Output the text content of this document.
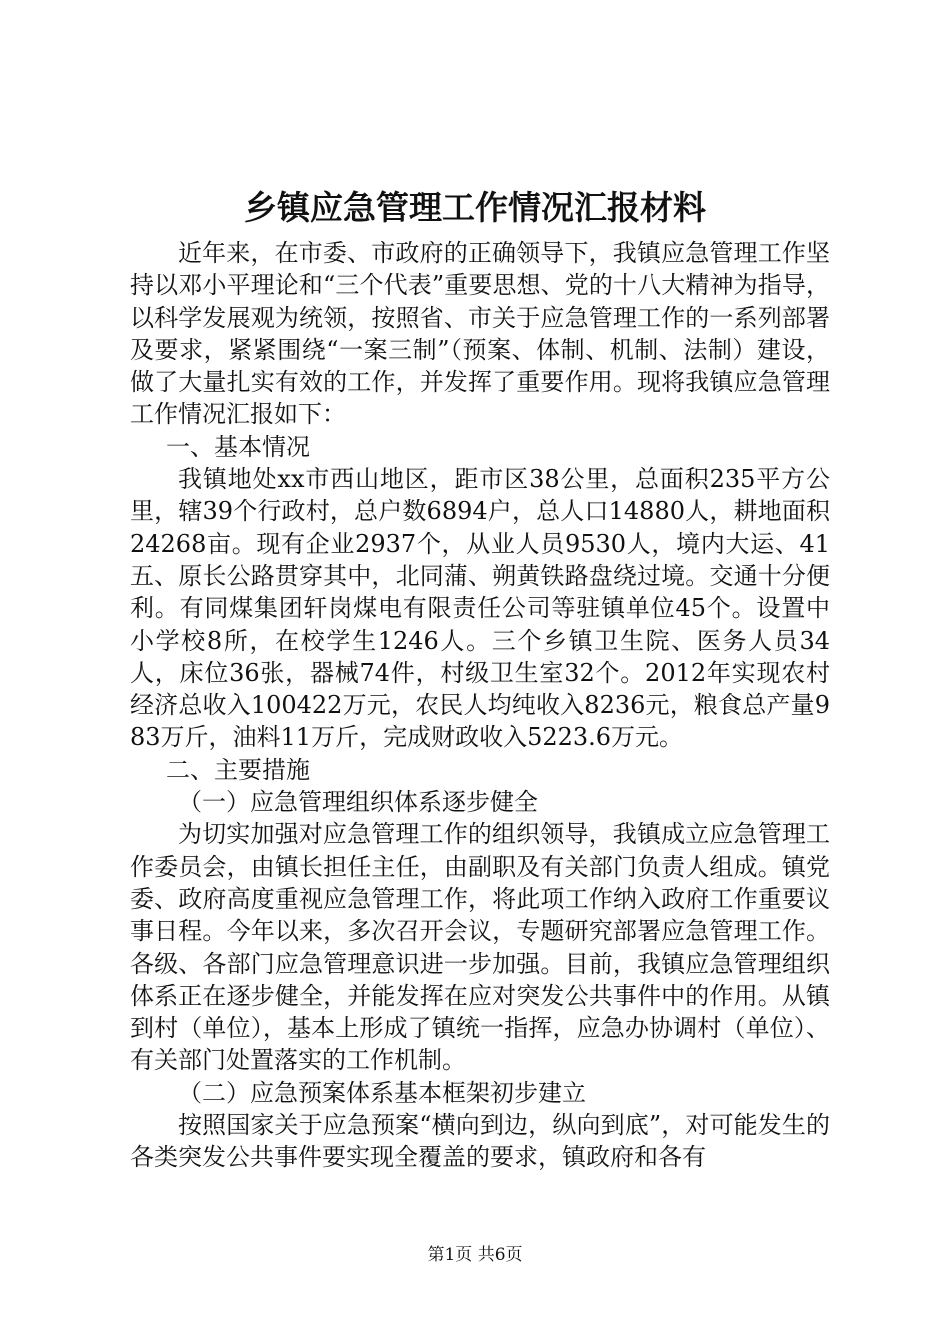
乡镇应急管理工作情况汇报材料

近年来，在市委、市政府的正确领导下，我镇应急管理工作坚持以邓小平理论和“三个代表”重要思想、党的十八大精神为指导，以科学发展观为统领，按照省、市关于应急管理工作的一系列部署及要求，紧紧围绕“一案三制”（预案、体制、机制、法制）建设，做了大量扎实有效的工作，并发挥了重要作用。现将我镇应急管理工作情况汇报如下：

一、基本情况

我镇地处xx市西山地区，距市区38公里，总面积235平方公里，辖39个行政村，总户数6894户，总人口14880人，耕地面积24268亩。现有企业2937个，从业人员9530人，境内大运、41五、原长公路贯穿其中，北同蒲、朔黄铁路盘绕过境。交通十分便利。有同煤集团轩岗煤电有限责任公司等驻镇单位45个。设置中小学校8所，在校学生1246人。三个乡镇卫生院、医务人员34人，床位36张，器械74件，村级卫生室32个。2012年实现农村经济总收入100422万元，农民人均纯收入8236元，粮食总产量983万斤，油料11万斤，完成财政收入5223.6万元。

二、主要措施

（一）应急管理组织体系逐步健全

为切实加强对应急管理工作的组织领导，我镇成立应急管理工作委员会，由镇长担任主任，由副职及有关部门负责人组成。镇党委、政府高度重视应急管理工作，将此项工作纳入政府工作重要议事日程。今年以来，多次召开会议，专题研究部署应急管理工作。各级、各部门应急管理意识进一步加强。目前，我镇应急管理组织体系正在逐步健全，并能发挥在应对突发公共事件中的作用。从镇到村（单位），基本上形成了镇统一指挥，应急办协调村（单位）、有关部门处置落实的工作机制。

（二）应急预案体系基本框架初步建立

按照国家关于应急预案“横向到边，纵向到底”，对可能发生的各类突发公共事件要实现全覆盖的要求，镇政府和各有

第1页 共6页
